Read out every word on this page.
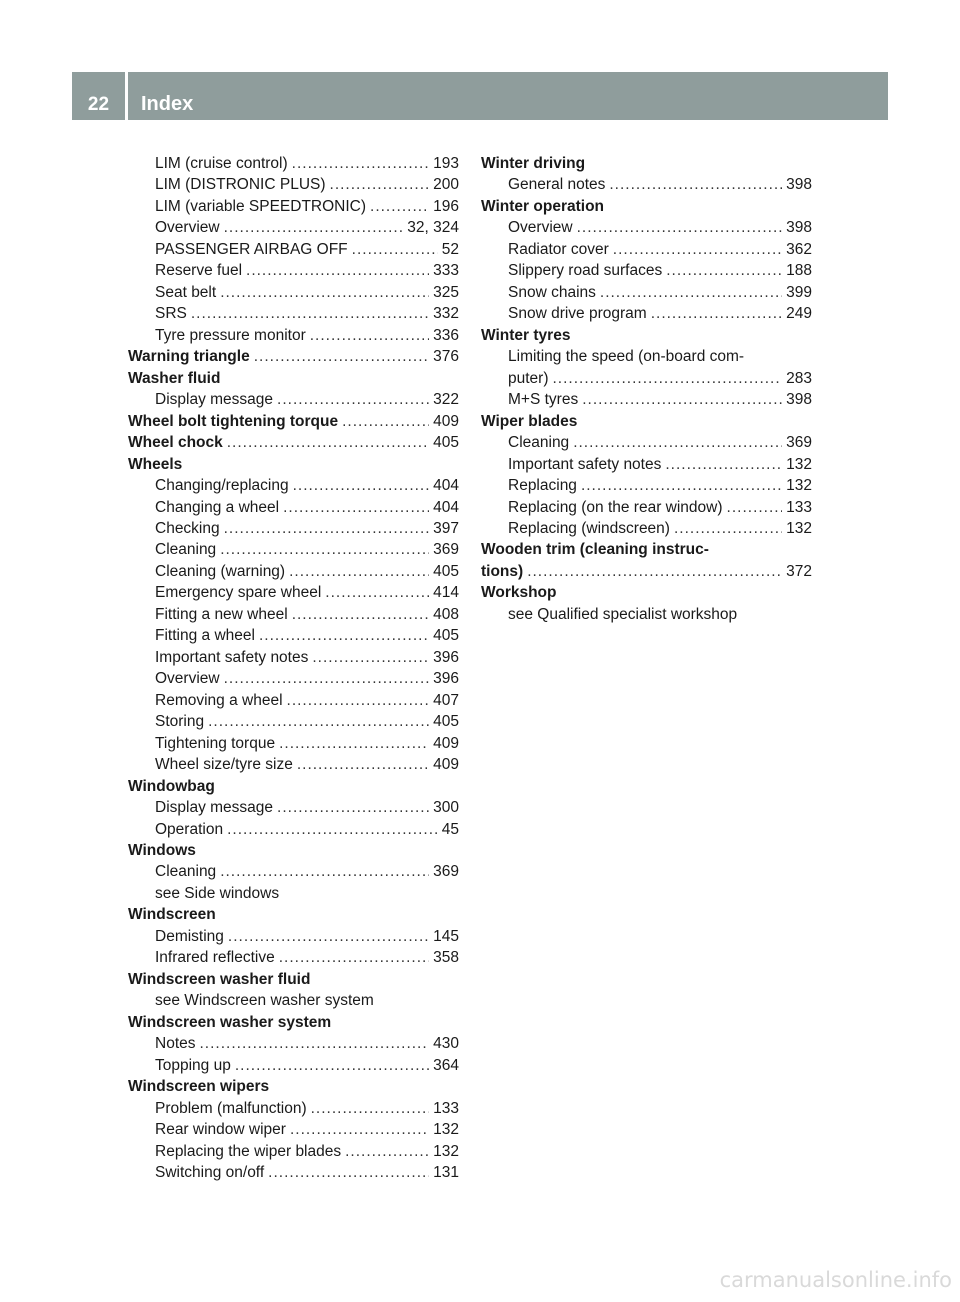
22	Index
LIM (cruise control) .....	193
LIM (DISTRONIC PLUS) .....	200
LIM (variable SPEEDTRONIC) .....	196
Overview .....	32, 324
PASSENGER AIRBAG OFF .....	52
Reserve fuel .....	333
Seat belt .....	325
SRS .....	332
Tyre pressure monitor .....	336
Warning triangle .....	376
Washer fluid
Display message .....	322
Wheel bolt tightening torque .....	409
Wheel chock .....	405
Wheels
Changing/replacing .....	404
Changing a wheel .....	404
Checking .....	397
Cleaning .....	369
Cleaning (warning) .....	405
Emergency spare wheel .....	414
Fitting a new wheel .....	408
Fitting a wheel .....	405
Important safety notes .....	396
Overview .....	396
Removing a wheel .....	407
Storing .....	405
Tightening torque .....	409
Wheel size/tyre size .....	409
Windowbag
Display message .....	300
Operation .....	45
Windows
Cleaning .....	369
see Side windows
Windscreen
Demisting .....	145
Infrared reflective .....	358
Windscreen washer fluid
see Windscreen washer system
Windscreen washer system
Notes .....	430
Topping up .....	364
Windscreen wipers
Problem (malfunction) .....	133
Rear window wiper .....	132
Replacing the wiper blades .....	132
Switching on/off .....	131
Winter driving
General notes .....	398
Winter operation
Overview .....	398
Radiator cover .....	362
Slippery road surfaces .....	188
Snow chains .....	399
Snow drive program .....	249
Winter tyres
Limiting the speed (on-board com-
puter) .....	283
M+S tyres .....	398
Wiper blades
Cleaning .....	369
Important safety notes .....	132
Replacing .....	132
Replacing (on the rear window) .....	133
Replacing (windscreen) .....	132
Wooden trim (cleaning instruc-
tions) .....	372
Workshop
see Qualified specialist workshop
carmanualsonline.info
